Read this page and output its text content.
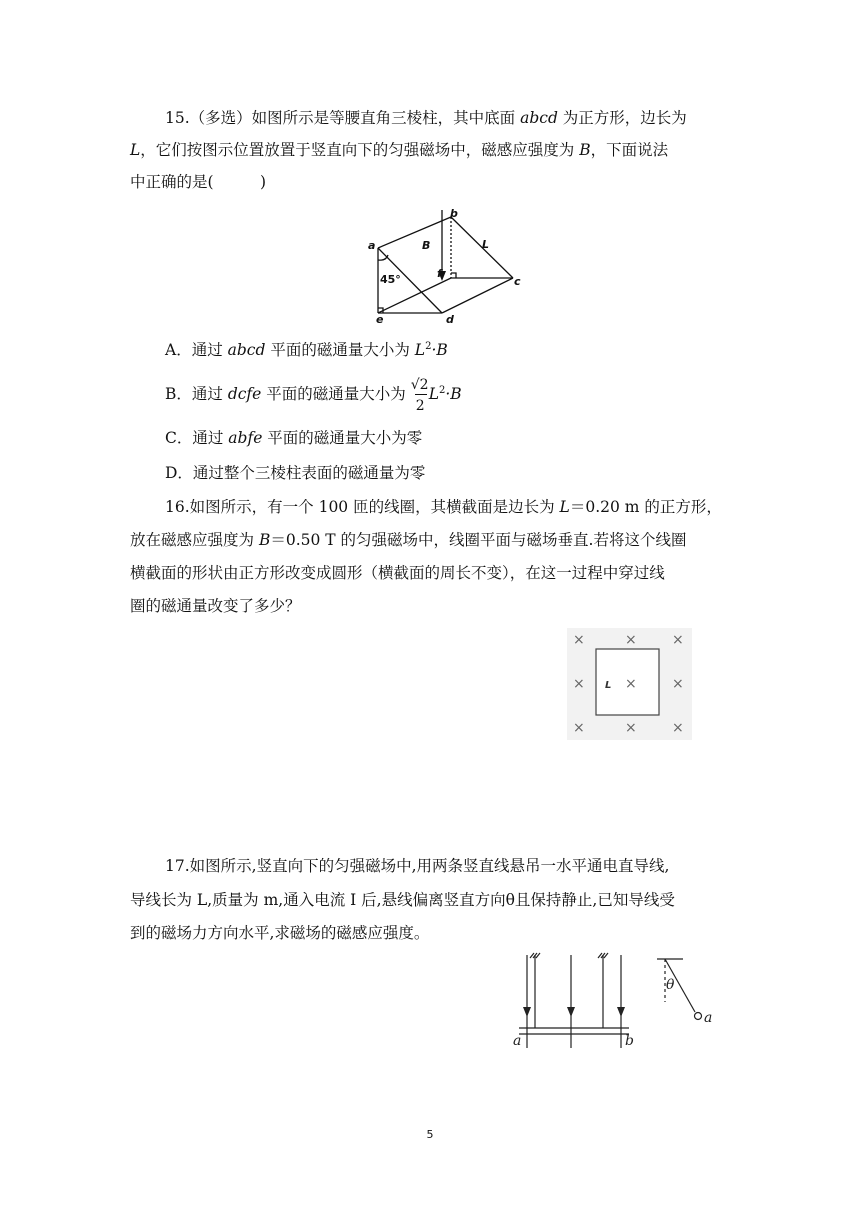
15.（多选）如图所示是等腰直角三棱柱，其中底面 abcd 为正方形，边长为
L，它们按图示位置放置于竖直向下的匀强磁场中，磁感应强度为 B，下面说法
中正确的是(　　　)
a
b
c
d
e
f
B	L
45°
A．通过 abcd 平面的磁通量大小为 $L^2\cdot B$
B．通过 dcfe 平面的磁通量大小为 $\frac{√2}{2} L^2\cdot B$
C．通过 abfe 平面的磁通量大小为零
D．通过整个三棱柱表面的磁通量为零
16.如图所示，有一个 100 匝的线圈，其横截面是边长为 L＝0.20 m 的正方形，
放在磁感应强度为 B＝0.50 T 的匀强磁场中，线圈平面与磁场垂直.若将这个线圈
横截面的形状由正方形改变成圆形（横截面的周长不变），在这一过程中穿过线
圈的磁通量改变了多少？
×	×	×
×	×	×
×	×	×
L
17.如图所示,竖直向下的匀强磁场中,用两条竖直线悬吊一水平通电直导线,
导线长为 L,质量为 m,通入电流 I 后,悬线偏离竖直方向θ且保持静止,已知导线受
到的磁场力方向水平,求磁场的磁感应强度。
a	b
θ
a
5
